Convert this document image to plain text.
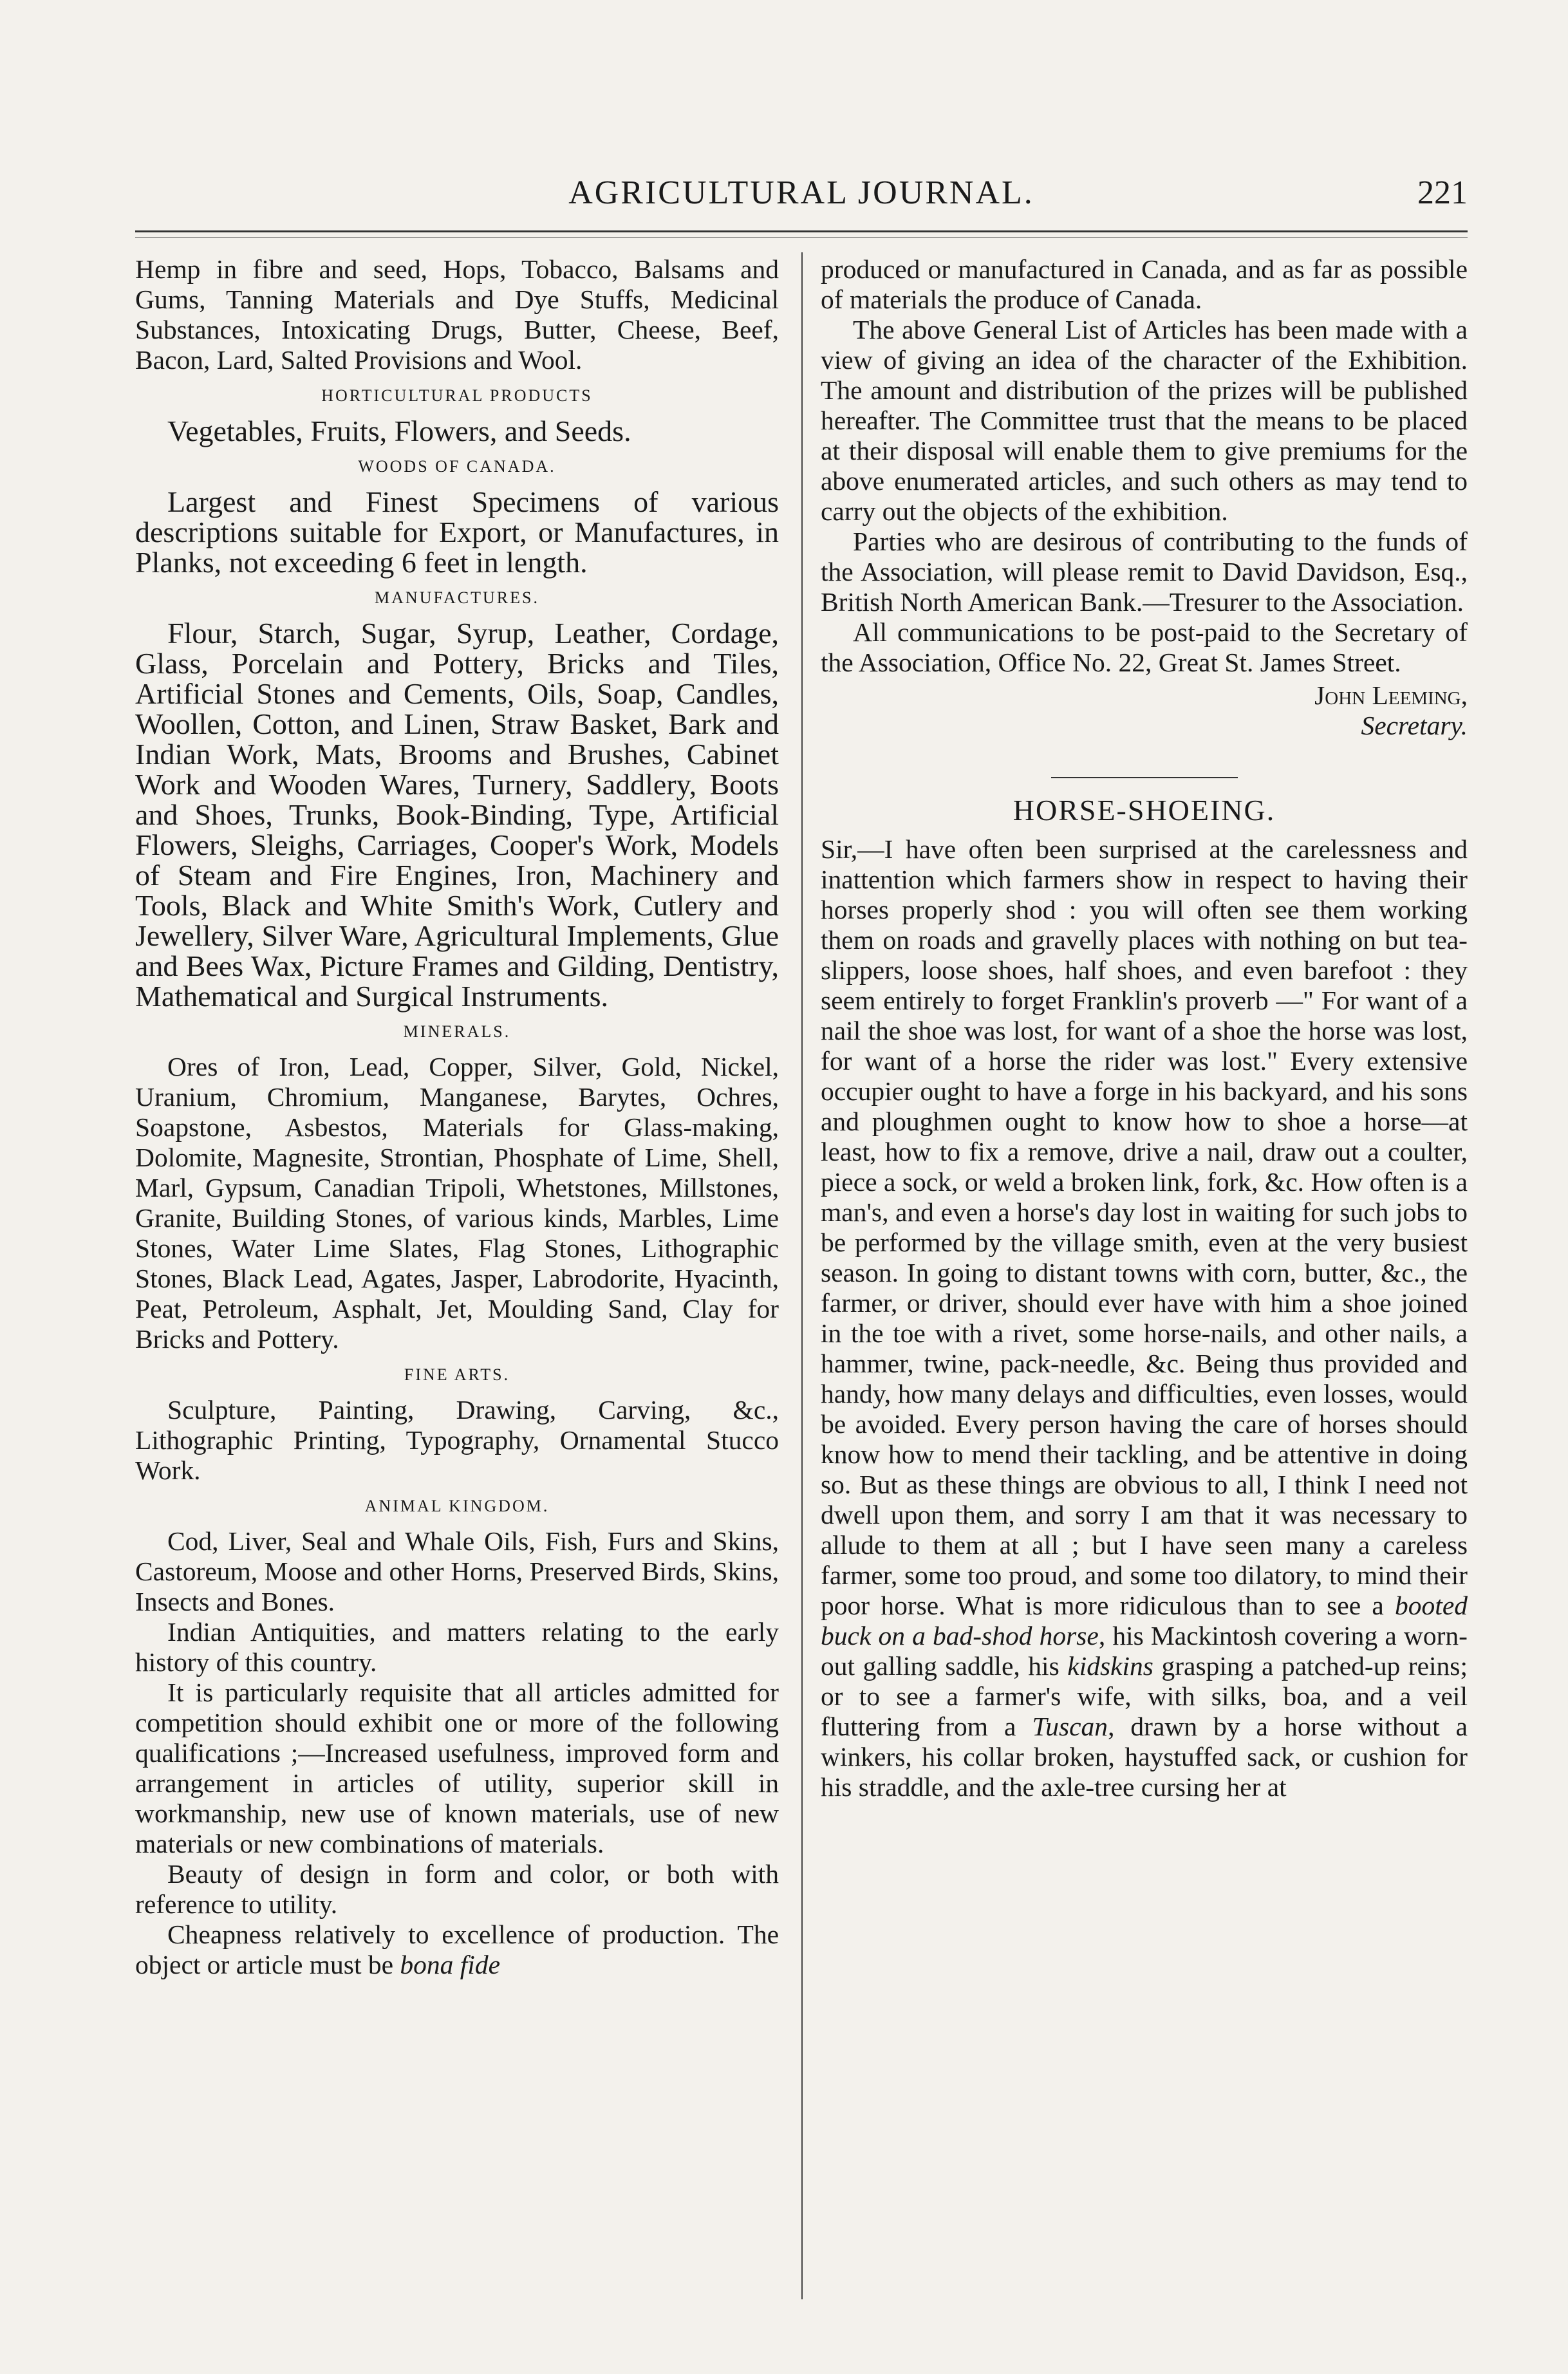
AGRICULTURAL JOURNAL.	221

Hemp in fibre and seed, Hops, Tobacco, Balsams and Gums, Tanning Materials and Dye Stuffs, Medicinal Substances, Intoxicating Drugs, Butter, Cheese, Beef, Bacon, Lard, Salted Provisions and Wool.

HORTICULTURAL PRODUCTS

Vegetables, Fruits, Flowers, and Seeds.

WOODS OF CANADA.

Largest and Finest Specimens of various descriptions suitable for Export, or Manufactures, in Planks, not exceeding 6 feet in length.

MANUFACTURES.

Flour, Starch, Sugar, Syrup, Leather, Cordage, Glass, Porcelain and Pottery, Bricks and Tiles, Artificial Stones and Cements, Oils, Soap, Candles, Woollen, Cotton, and Linen, Straw Basket, Bark and Indian Work, Mats, Brooms and Brushes, Cabinet Work and Wooden Wares, Turnery, Saddlery, Boots and Shoes, Trunks, Book-Binding, Type, Artificial Flowers, Sleighs, Carriages, Cooper's Work, Models of Steam and Fire Engines, Iron, Machinery and Tools, Black and White Smith's Work, Cutlery and Jewellery, Silver Ware, Agricultural Implements, Glue and Bees Wax, Picture Frames and Gilding, Dentistry, Mathematical and Surgical Instruments.

MINERALS.

Ores of Iron, Lead, Copper, Silver, Gold, Nickel, Uranium, Chromium, Manganese, Barytes, Ochres, Soapstone, Asbestos, Materials for Glass-making, Dolomite, Magnesite, Strontian, Phosphate of Lime, Shell, Marl, Gypsum, Canadian Tripoli, Whetstones, Millstones, Granite, Building Stones, of various kinds, Marbles, Lime Stones, Water Lime Slates, Flag Stones, Lithographic Stones, Black Lead, Agates, Jasper, Labrodorite, Hyacinth, Peat, Petroleum, Asphalt, Jet, Moulding Sand, Clay for Bricks and Pottery.

FINE ARTS.

Sculpture, Painting, Drawing, Carving, &c., Lithographic Printing, Typography, Ornamental Stucco Work.

ANIMAL KINGDOM.

Cod, Liver, Seal and Whale Oils, Fish, Furs and Skins, Castoreum, Moose and other Horns, Preserved Birds, Skins, Insects and Bones.

Indian Antiquities, and matters relating to the early history of this country.

It is particularly requisite that all articles admitted for competition should exhibit one or more of the following qualifications ;—Increased usefulness, improved form and arrangement in articles of utility, superior skill in workmanship, new use of known materials, use of new materials or new combinations of materials.

Beauty of design in form and color, or both with reference to utility.

Cheapness relatively to excellence of production. The object or article must be bona fide

produced or manufactured in Canada, and as far as possible of materials the produce of Canada.

The above General List of Articles has been made with a view of giving an idea of the character of the Exhibition. The amount and distribution of the prizes will be published hereafter. The Committee trust that the means to be placed at their disposal will enable them to give premiums for the above enumerated articles, and such others as may tend to carry out the objects of the exhibition.

Parties who are desirous of contributing to the funds of the Association, will please remit to David Davidson, Esq., British North American Bank.—Tresurer to the Association.

All communications to be post-paid to the Secretary of the Association, Office No. 22, Great St. James Street.

John Leeming,
Secretary.
HORSE-SHOEING.

Sir,—I have often been surprised at the carelessness and inattention which farmers show in respect to having their horses properly shod : you will often see them working them on roads and gravelly places with nothing on but tea-slippers, loose shoes, half shoes, and even barefoot : they seem entirely to forget Franklin's proverb —" For want of a nail the shoe was lost, for want of a shoe the horse was lost, for want of a horse the rider was lost." Every extensive occupier ought to have a forge in his backyard, and his sons and ploughmen ought to know how to shoe a horse—at least, how to fix a remove, drive a nail, draw out a coulter, piece a sock, or weld a broken link, fork, &c. How often is a man's, and even a horse's day lost in waiting for such jobs to be performed by the village smith, even at the very busiest season. In going to distant towns with corn, butter, &c., the farmer, or driver, should ever have with him a shoe joined in the toe with a rivet, some horse-nails, and other nails, a hammer, twine, pack-needle, &c. Being thus provided and handy, how many delays and difficulties, even losses, would be avoided. Every person having the care of horses should know how to mend their tackling, and be attentive in doing so. But as these things are obvious to all, I think I need not dwell upon them, and sorry I am that it was necessary to allude to them at all ; but I have seen many a careless farmer, some too proud, and some too dilatory, to mind their poor horse. What is more ridiculous than to see a booted buck on a bad-shod horse, his Mackintosh covering a worn-out galling saddle, his kidskins grasping a patched-up reins; or to see a farmer's wife, with silks, boa, and a veil fluttering from a Tuscan, drawn by a horse without a winkers, his collar broken, haystuffed sack, or cushion for his straddle, and the axle-tree cursing her at
